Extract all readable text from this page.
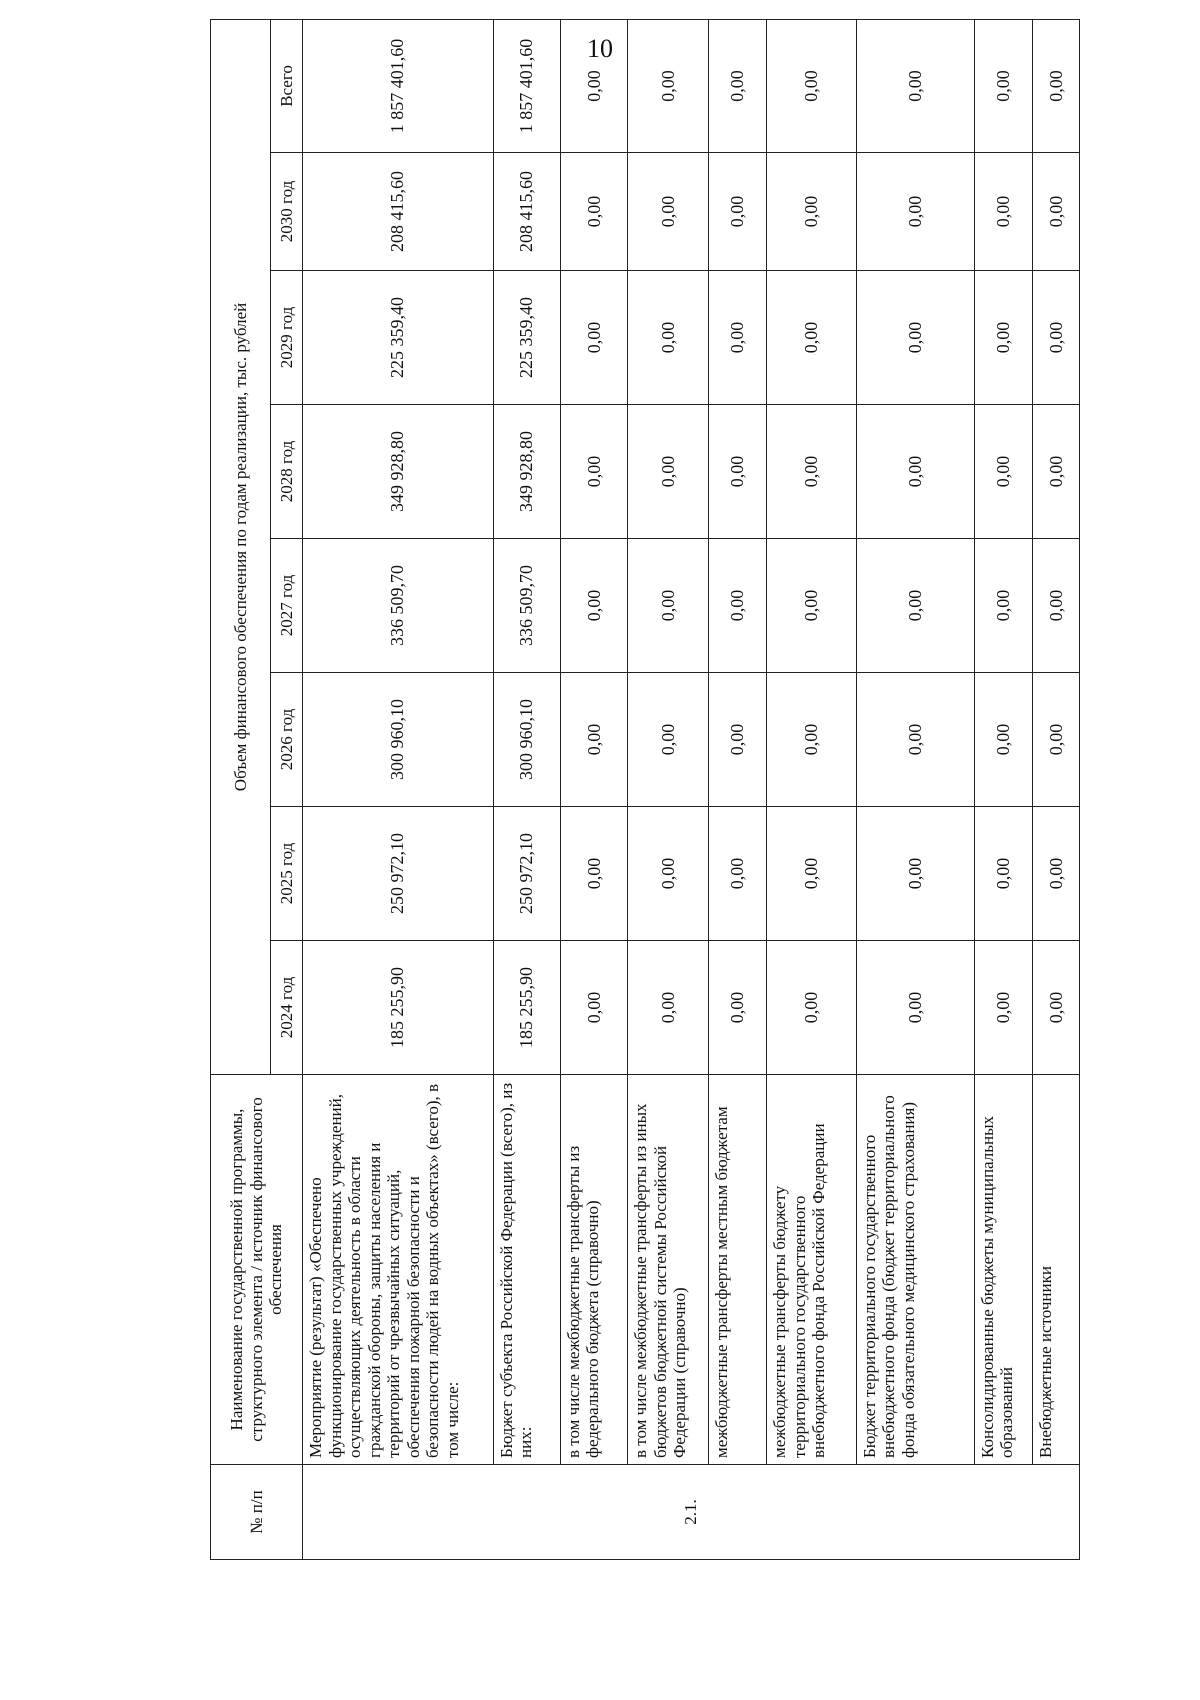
10
№ п/п	Наименование государственной программы, структурного элемента / источник финансового обеспечения	Объем финансового обеспечения по годам реализации, тыс. рублей							
		2024 год	2025 год	2026 год	2027 год	2028 год	2029 год	2030 год	Всего
2.1.	Мероприятие (результат) «Обеспечено функционирование государственных учреждений, осуществляющих деятельность в области гражданской обороны, защиты населения и территорий от чрезвычайных ситуаций, обеспечения пожарной безопасности и безопасности людей на водных объектах» (всего), в том числе:	185 255,90	250 972,10	300 960,10	336 509,70	349 928,80	225 359,40	208 415,60	1 857 401,60
	Бюджет субъекта Российской Федерации (всего), из них:	185 255,90	250 972,10	300 960,10	336 509,70	349 928,80	225 359,40	208 415,60	1 857 401,60
	в том числе межбюджетные трансферты из федерального бюджета (справочно)	0,00	0,00	0,00	0,00	0,00	0,00	0,00	0,00
	в том числе межбюджетные трансферты из иных бюджетов бюджетной системы Российской Федерации (справочно)	0,00	0,00	0,00	0,00	0,00	0,00	0,00	0,00
	межбюджетные трансферты местным бюджетам	0,00	0,00	0,00	0,00	0,00	0,00	0,00	0,00
	межбюджетные трансферты бюджету территориального государственного внебюджетного фонда Российской Федерации	0,00	0,00	0,00	0,00	0,00	0,00	0,00	0,00
	Бюджет территориального государственного внебюджетного фонда (бюджет территориального фонда обязательного медицинского страхования)	0,00	0,00	0,00	0,00	0,00	0,00	0,00	0,00
	Консолидированные бюджеты муниципальных образований	0,00	0,00	0,00	0,00	0,00	0,00	0,00	0,00
	Внебюджетные источники	0,00	0,00	0,00	0,00	0,00	0,00	0,00	0,00
